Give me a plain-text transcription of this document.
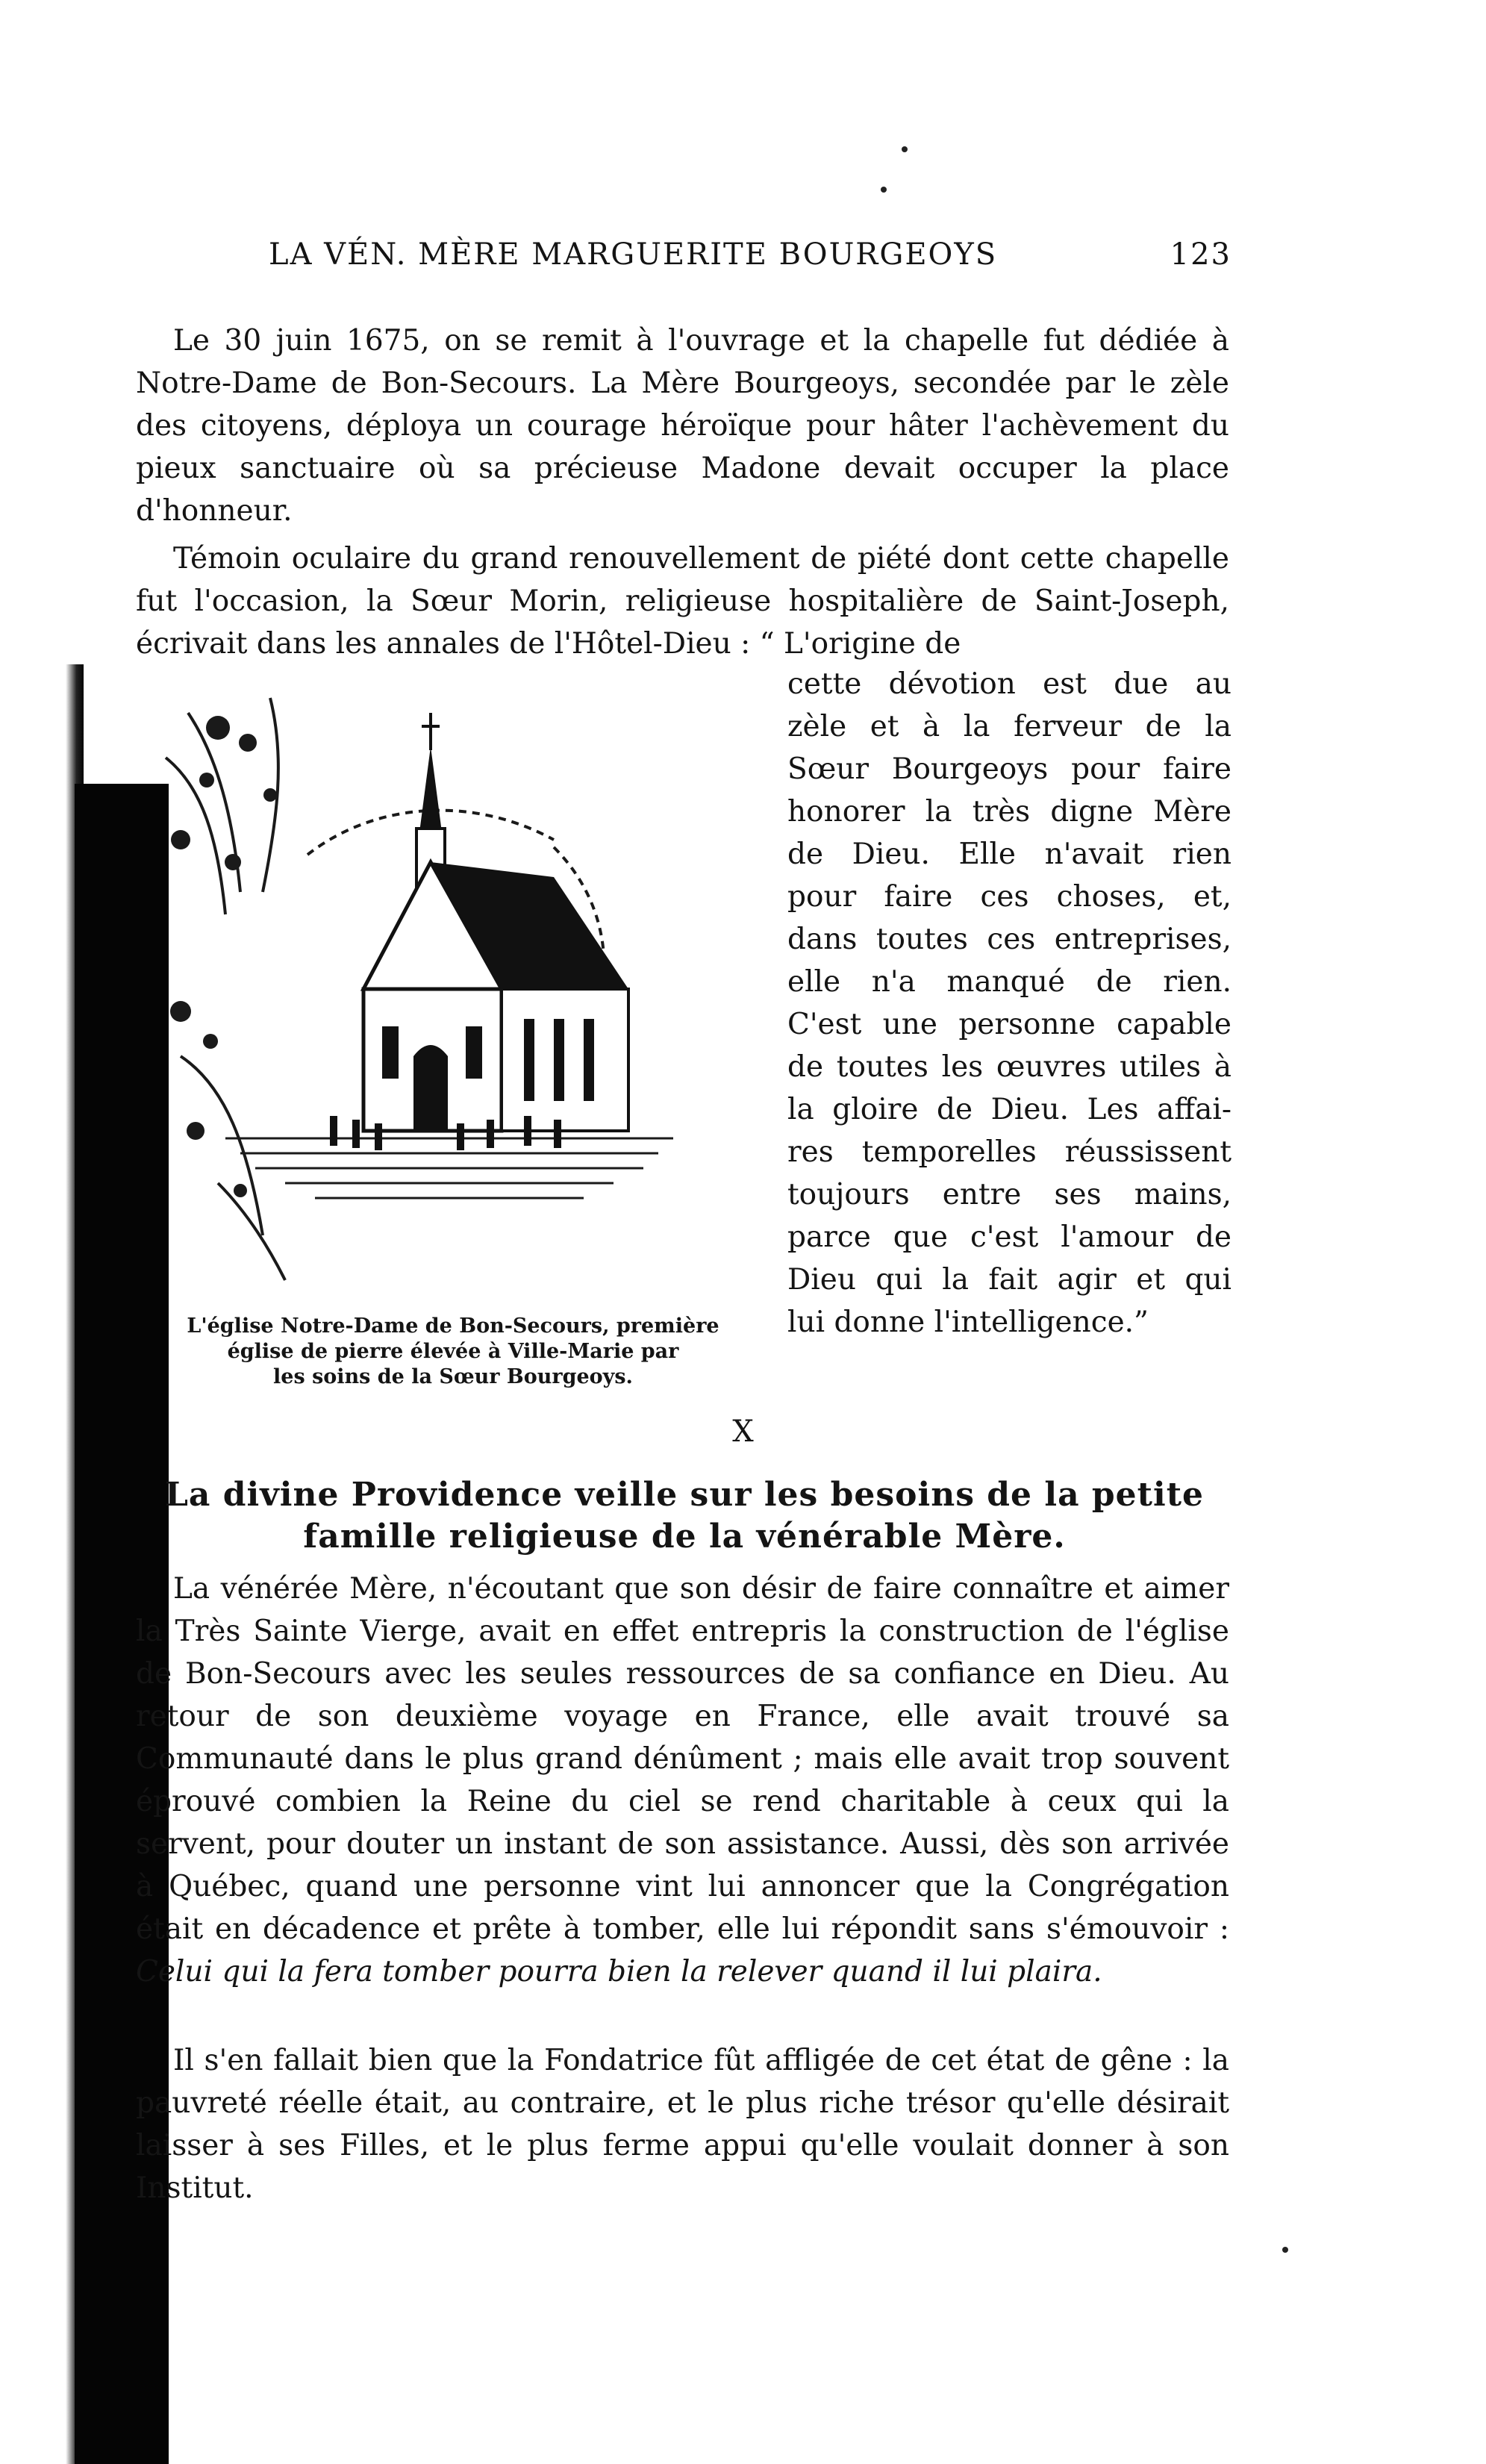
LA VÉN. MÈRE MARGUERITE BOURGEOYS	123

Le 30 juin 1675, on se remit à l'ouvrage et la chapelle fut dédiée à Notre-Dame de Bon-Secours. La Mère Bourgeoys, secondée par le zèle des citoyens, déploya un courage héroïque pour hâter l'achèvement du pieux sanctuaire où sa précieuse Madone devait occuper la place d'honneur.

Témoin oculaire du grand renouvellement de piété dont cette chapelle fut l'occasion, la Sœur Morin, religieuse hospitalière de Saint-Joseph, écrivait dans les annales de l'Hôtel-Dieu : “ L'origine de

cette dévotion est due au
zèle et à la ferveur de la
Sœur Bourgeoys pour faire
honorer la très digne Mère
de Dieu. Elle n'avait rien
pour faire ces choses, et,
dans toutes ces entreprises,
elle n'a manqué de rien.
C'est une personne capable
de toutes les œuvres utiles à
la gloire de Dieu. Les affai-
res temporelles réussissent
toujours entre ses mains,
parce que c'est l'amour de
Dieu qui la fait agir et qui
lui donne l'intelligence.”
L'église Notre-Dame de Bon-Secours, première
église de pierre élevée à Ville-Marie par
les soins de la Sœur Bourgeoys.
X
La divine Providence veille sur les besoins de la petite
famille religieuse de la vénérable Mère.

La vénérée Mère, n'écoutant que son désir de faire connaître et aimer la Très Sainte Vierge, avait en effet entrepris la construction de l'église de Bon-Secours avec les seules ressources de sa confiance en Dieu. Au retour de son deuxième voyage en France, elle avait trouvé sa Communauté dans le plus grand dénûment ; mais elle avait trop souvent éprouvé combien la Reine du ciel se rend charitable à ceux qui la servent, pour douter un instant de son assistance. Aussi, dès son arrivée à Québec, quand une personne vint lui annoncer que la Congrégation était en décadence et prête à tomber, elle lui répondit sans s'émouvoir : Celui qui la fera tomber pourra bien la relever quand il lui plaira.

Il s'en fallait bien que la Fondatrice fût affligée de cet état de gêne : la pauvreté réelle était, au contraire, et le plus riche trésor qu'elle désirait laisser à ses Filles, et le plus ferme appui qu'elle voulait donner à son Institut.
